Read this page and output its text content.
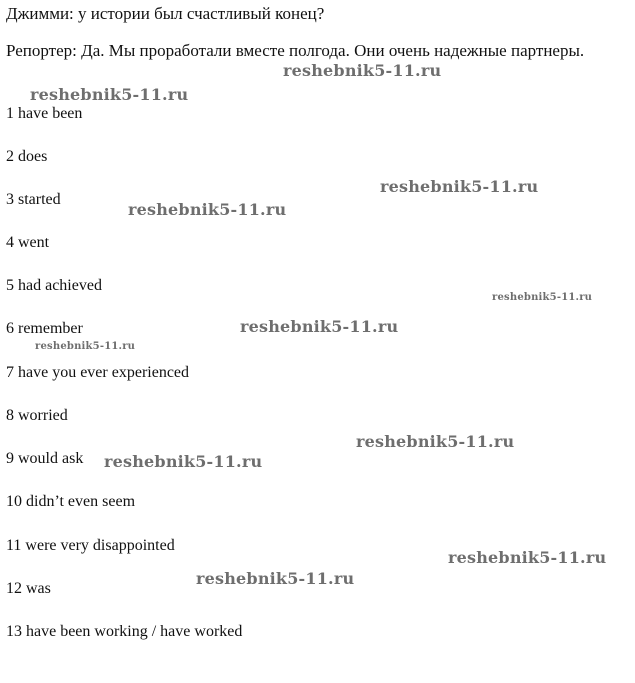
Джимми: у истории был счастливый конец?
Репортер: Да. Мы проработали вместе полгода. Они очень надежные партнеры.
1 have been
2 does
3 started
4 went
5 had achieved
6 remember
7 have you ever experienced
8 worried
9 would ask
10 didn’t even seem
11 were very disappointed
12 was
13 have been working / have worked
reshebnik5-11.ru
reshebnik5-11.ru
reshebnik5-11.ru
reshebnik5-11.ru
reshebnik5-11.ru
reshebnik5-11.ru
reshebnik5-11.ru
reshebnik5-11.ru
reshebnik5-11.ru
reshebnik5-11.ru
reshebnik5-11.ru
